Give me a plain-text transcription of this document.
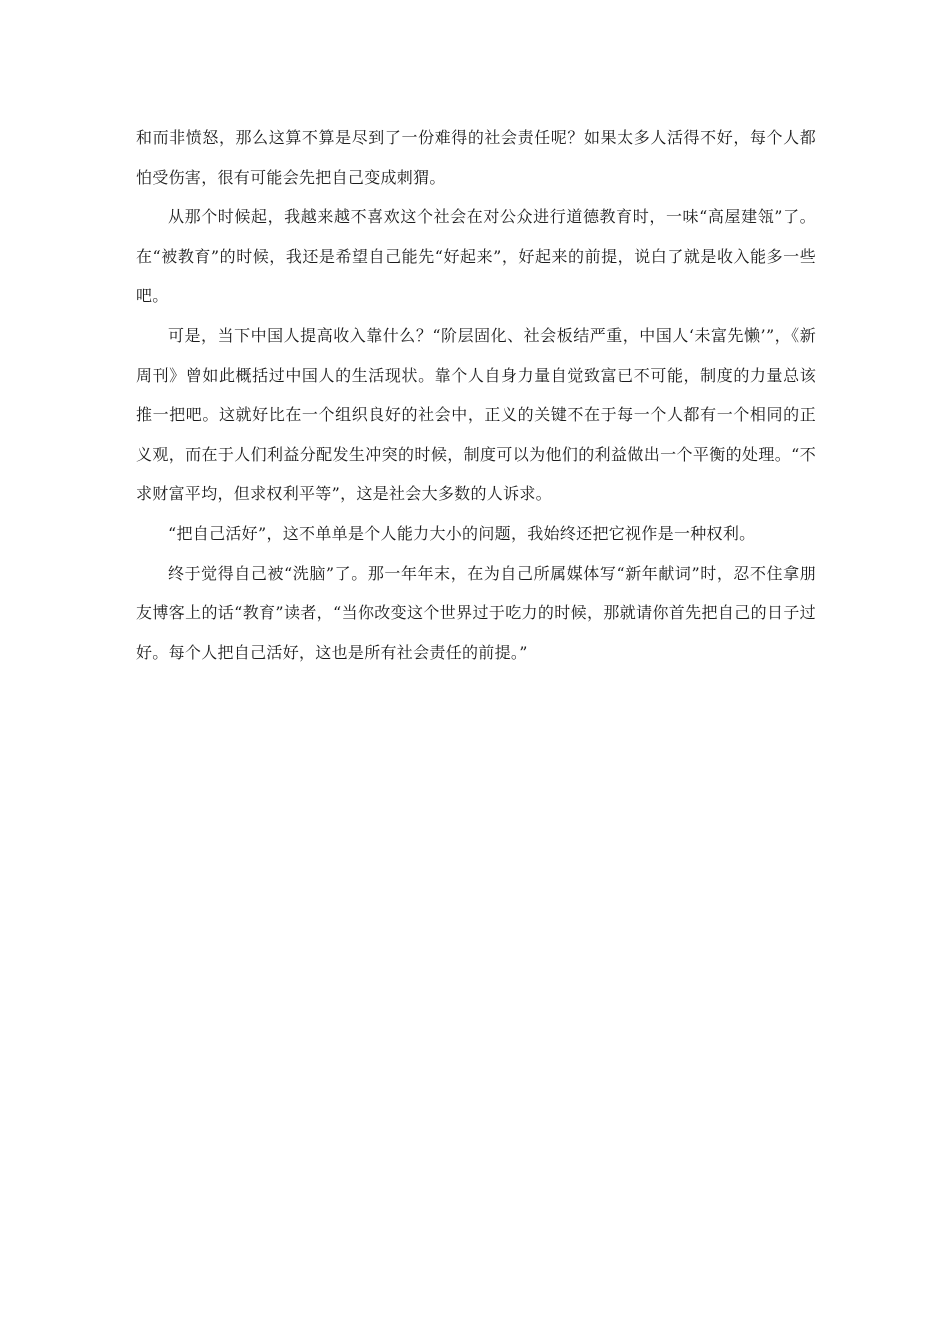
和而非愤怒，那么这算不算是尽到了一份难得的社会责任呢？如果太多人活得不好，每个人都怕受伤害，很有可能会先把自己变成刺猬。

从那个时候起，我越来越不喜欢这个社会在对公众进行道德教育时，一味“高屋建瓴”了。在“被教育”的时候，我还是希望自己能先“好起来”，好起来的前提，说白了就是收入能多一些吧。

可是，当下中国人提高收入靠什么？“阶层固化、社会板结严重，中国人‘未富先懒’”，《新周刊》曾如此概括过中国人的生活现状。靠个人自身力量自觉致富已不可能，制度的力量总该推一把吧。这就好比在一个组织良好的社会中，正义的关键不在于每一个人都有一个相同的正义观，而在于人们利益分配发生冲突的时候，制度可以为他们的利益做出一个平衡的处理。“不求财富平均，但求权利平等”，这是社会大多数的人诉求。

“把自己活好”，这不单单是个人能力大小的问题，我始终还把它视作是一种权利。

终于觉得自己被“洗脑”了。那一年年末，在为自己所属媒体写“新年献词”时，忍不住拿朋友博客上的话“教育”读者，“当你改变这个世界过于吃力的时候，那就请你首先把自己的日子过好。每个人把自己活好，这也是所有社会责任的前提。”
